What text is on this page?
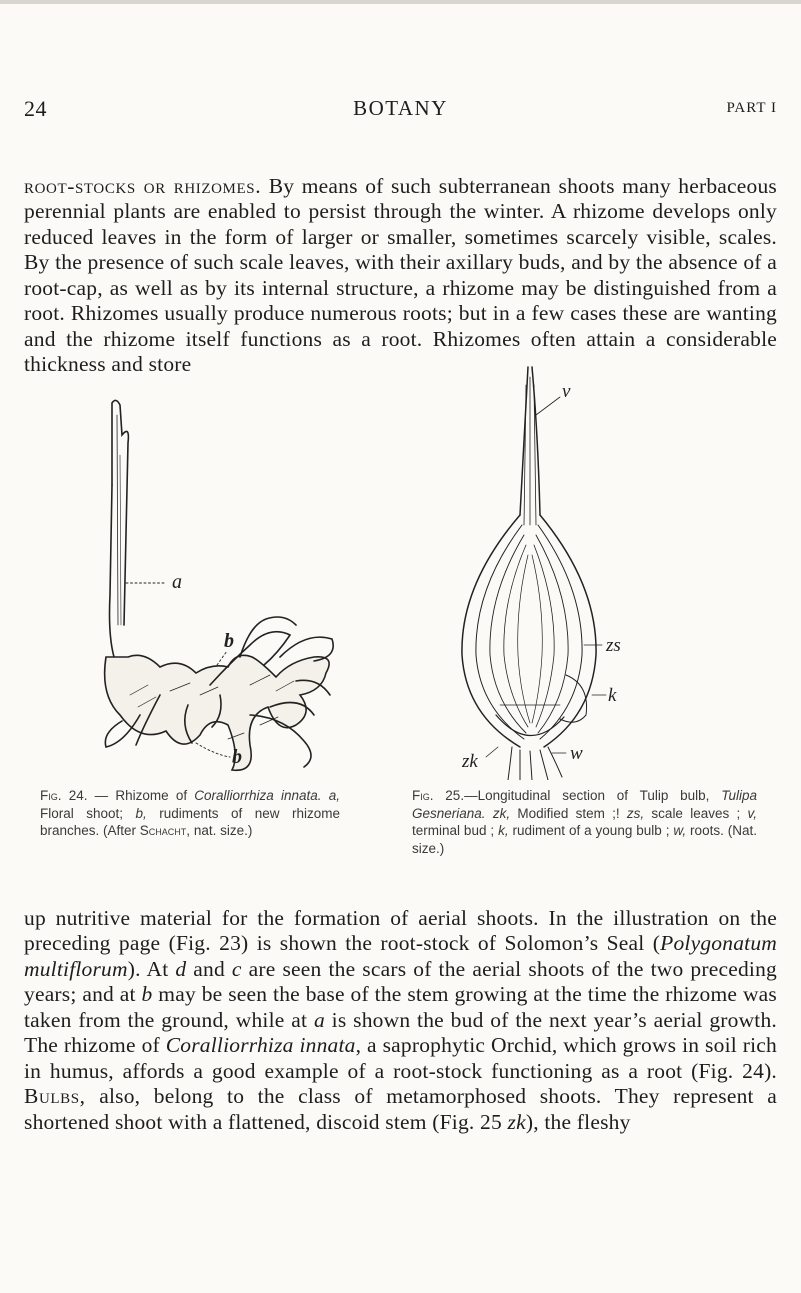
24	BOTANY	PART I

root-stocks or rhizomes. By means of such subterranean shoots many herbaceous perennial plants are enabled to persist through the winter. A rhizome develops only reduced leaves in the form of larger or smaller, sometimes scarcely visible, scales. By the presence of such scale leaves, with their axillary buds, and by the absence of a root-cap, as well as by its internal structure, a rhizome may be distinguished from a root. Rhizomes usually produce numerous roots; but in a few cases these are wanting and the rhizome itself functions as a root. Rhizomes often attain a considerable thickness and store

a
b
b
v
zs
k
zk	w
Fig. 24. — Rhizome of Coralliorrhiza innata. a, Floral shoot; b, rudiments of new rhizome branches. (After Schacht, nat. size.)
Fig. 25.—Longitudinal section of Tulip bulb, Tulipa Gesneriana. zk, Modified stem ;! zs, scale leaves ; v, terminal bud ; k, rudiment of a young bulb ; w, roots. (Nat. size.)

up nutritive material for the formation of aerial shoots. In the illustration on the preceding page (Fig. 23) is shown the root-stock of Solomon’s Seal (Polygonatum multiflorum). At d and c are seen the scars of the aerial shoots of the two preceding years; and at b may be seen the base of the stem growing at the time the rhizome was taken from the ground, while at a is shown the bud of the next year’s aerial growth. The rhizome of Coralliorrhiza innata, a saprophytic Orchid, which grows in soil rich in humus, affords a good example of a root-stock functioning as a root (Fig. 24). Bulbs, also, belong to the class of metamorphosed shoots. They represent a shortened shoot with a flattened, discoid stem (Fig. 25 zk), the fleshy
